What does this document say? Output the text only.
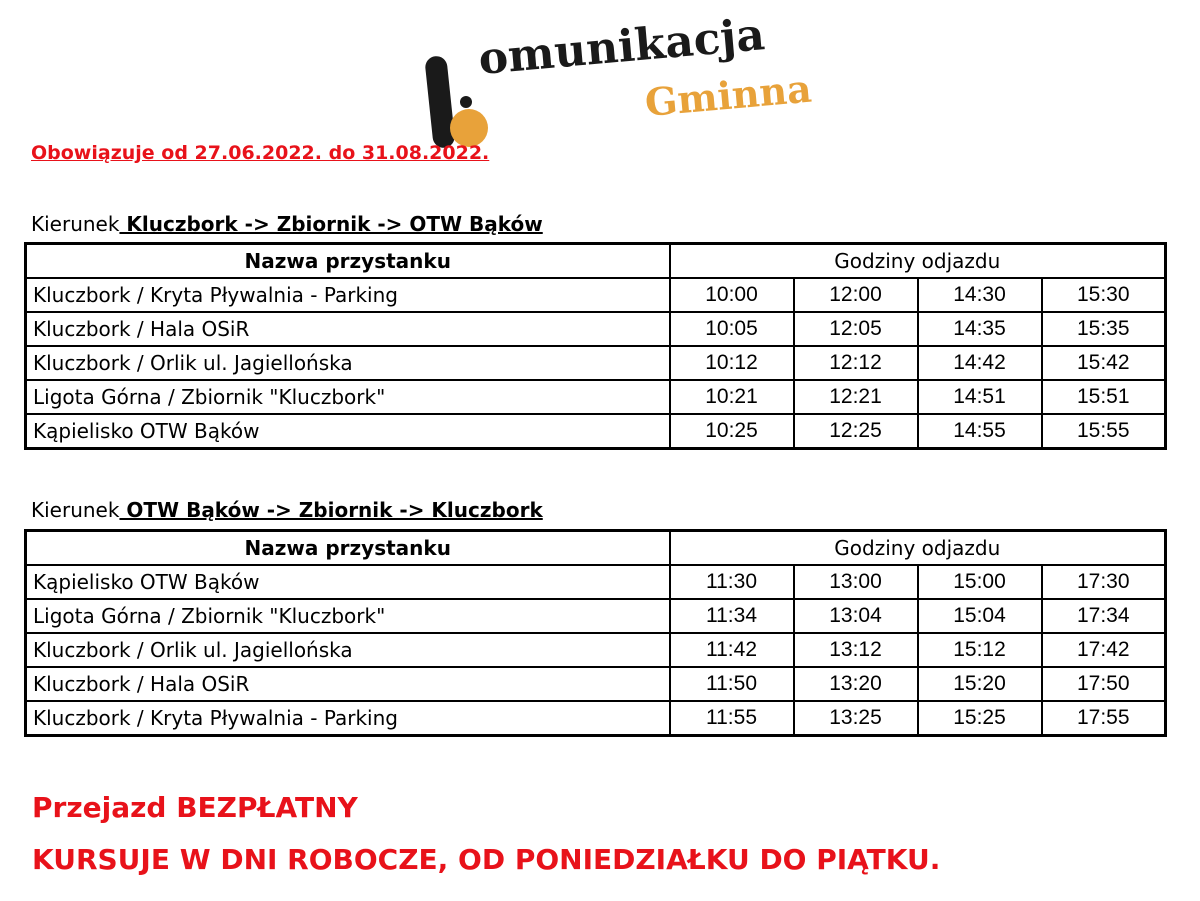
omunikacja
Gminna
Obowiązuje od 27.06.2022. do 31.08.2022.
Kierunek Kluczbork -> Zbiornik -> OTW Bąków
Nazwa przystanku	Godziny odjazdu			
Kluczbork / Kryta Pływalnia - Parking	10:00	12:00	14:30	15:30
Kluczbork / Hala OSiR	10:05	12:05	14:35	15:35
Kluczbork / Orlik ul. Jagiellońska	10:12	12:12	14:42	15:42
Ligota Górna / Zbiornik "Kluczbork"	10:21	12:21	14:51	15:51
Kąpielisko OTW Bąków	10:25	12:25	14:55	15:55
Kierunek OTW Bąków -> Zbiornik -> Kluczbork
Nazwa przystanku	Godziny odjazdu			
Kąpielisko OTW Bąków	11:30	13:00	15:00	17:30
Ligota Górna / Zbiornik "Kluczbork"	11:34	13:04	15:04	17:34
Kluczbork / Orlik ul. Jagiellońska	11:42	13:12	15:12	17:42
Kluczbork / Hala OSiR	11:50	13:20	15:20	17:50
Kluczbork / Kryta Pływalnia - Parking	11:55	13:25	15:25	17:55
Przejazd BEZPŁATNY
KURSUJE W DNI ROBOCZE, OD PONIEDZIAŁKU DO PIĄTKU.
